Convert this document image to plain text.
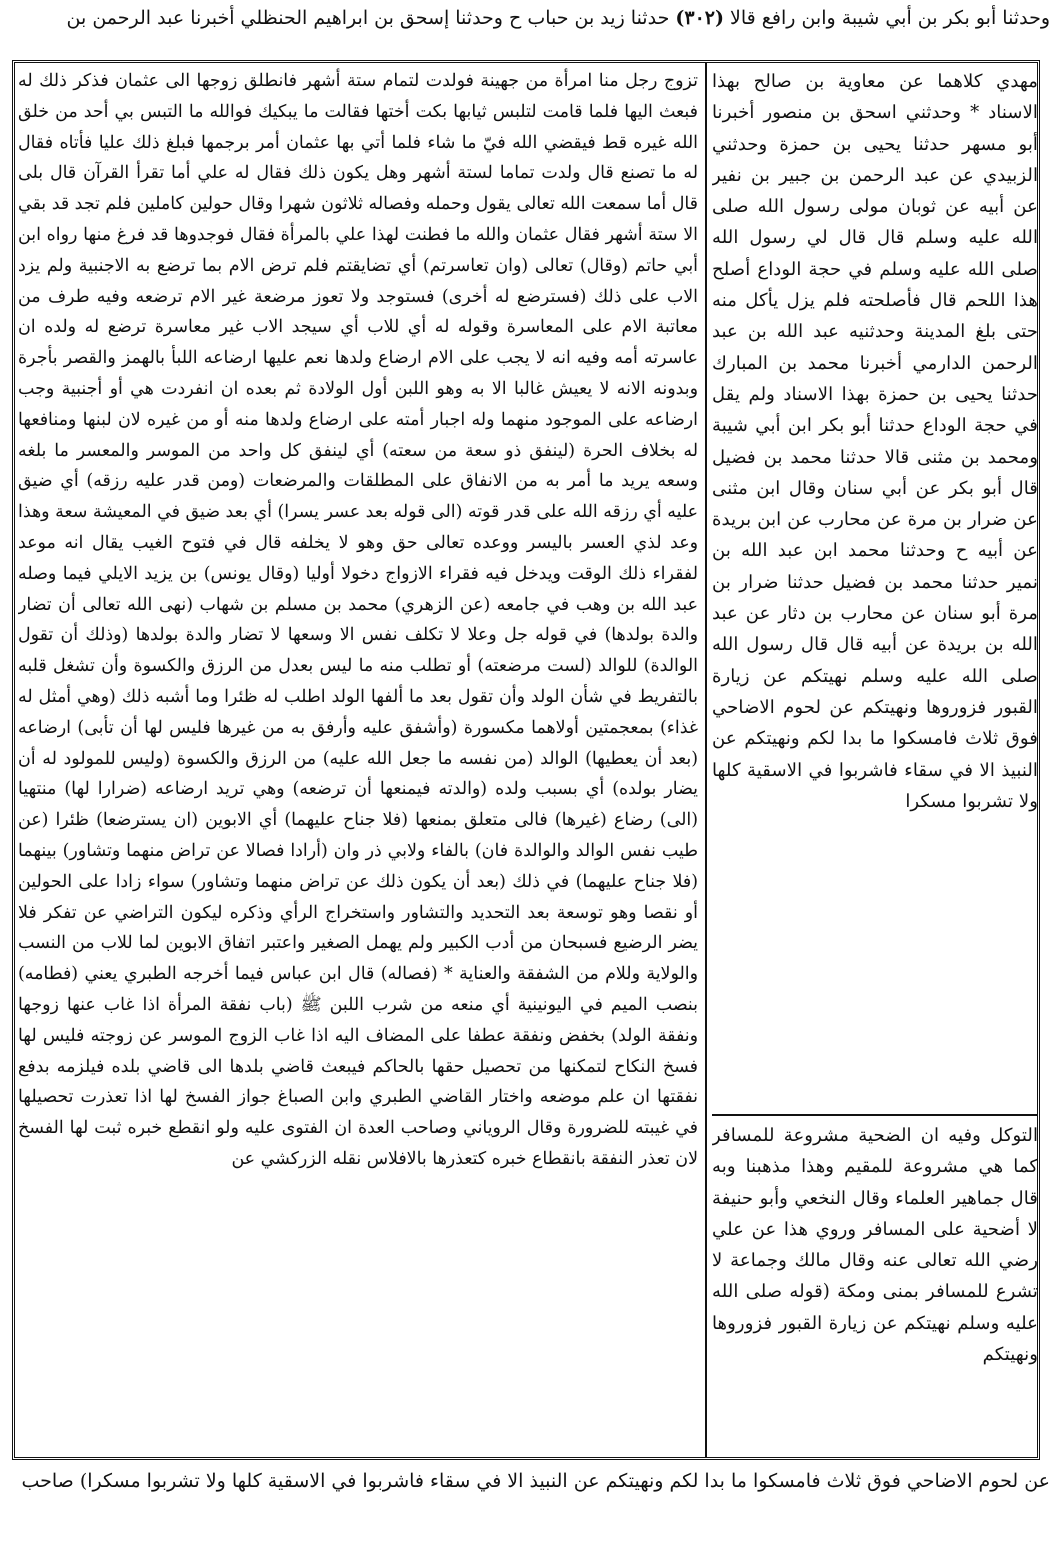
وحدثنا أبو بكر بن أبي شيبة وابن رافع قالا (٣٠٢) حدثنا زيد بن حباب ح وحدثنا إسحق بن ابراهيم الحنظلي أخبرنا عبد الرحمن بن

تزوج رجل منا امرأة من جهينة فولدت لتمام ستة أشهر فانطلق زوجها الى عثمان فذكر ذلك له فبعث اليها فلما قامت لتلبس ثيابها بكت أختها فقالت ما يبكيك فوالله ما التبس بي أحد من خلق الله غيره قط فيقضي الله فيّ ما شاء فلما أتي بها عثمان أمر برجمها فبلغ ذلك عليا فأتاه فقال له ما تصنع قال ولدت تماما لستة أشهر وهل يكون ذلك فقال له علي أما تقرأ القرآن قال بلى قال أما سمعت الله تعالى يقول وحمله وفصاله ثلاثون شهرا وقال حولين كاملين فلم تجد قد بقي الا ستة أشهر فقال عثمان والله ما فطنت لهذا علي بالمرأة فقال فوجدوها قد فرغ منها رواه ابن أبي حاتم (وقال) تعالى (وان تعاسرتم) أي تضايقتم فلم ترض الام بما ترضع به الاجنبية ولم يزد الاب على ذلك (فسترضع له أخرى) فستوجد ولا تعوز مرضعة غير الام ترضعه وفيه طرف من معاتبة الام على المعاسرة وقوله له أي للاب أي سيجد الاب غير معاسرة ترضع له ولده ان عاسرته أمه وفيه انه لا يجب على الام ارضاع ولدها نعم عليها ارضاعه اللبأ بالهمز والقصر بأجرة وبدونه الانه لا يعيش غالبا الا به وهو اللبن أول الولادة ثم بعده ان انفردت هي أو أجنبية وجب ارضاعه على الموجود منهما وله اجبار أمته على ارضاع ولدها منه أو من غيره لان لبنها ومنافعها له بخلاف الحرة (لينفق ذو سعة من سعته) أي لينفق كل واحد من الموسر والمعسر ما بلغه وسعه يريد ما أمر به من الانفاق على المطلقات والمرضعات (ومن قدر عليه رزقه) أي ضيق عليه أي رزقه الله على قدر قوته (الى قوله بعد عسر يسرا) أي بعد ضيق في المعيشة سعة وهذا وعد لذي العسر باليسر ووعده تعالى حق وهو لا يخلفه قال في فتوح الغيب يقال انه موعد لفقراء ذلك الوقت ويدخل فيه فقراء الازواج دخولا أوليا (وقال يونس) بن يزيد الايلي فيما وصله عبد الله بن وهب في جامعه (عن الزهري) محمد بن مسلم بن شهاب (نهى الله تعالى أن تضار والدة بولدها) في قوله جل وعلا لا تكلف نفس الا وسعها لا تضار والدة بولدها (وذلك أن تقول الوالدة) للوالد (لست مرضعته) أو تطلب منه ما ليس بعدل من الرزق والكسوة وأن تشغل قلبه بالتفريط في شأن الولد وأن تقول بعد ما ألفها الولد اطلب له ظئرا وما أشبه ذلك (وهي أمثل له غذاء) بمعجمتين أولاهما مكسورة (وأشفق عليه وأرفق به من غيرها فليس لها أن تأبى) ارضاعه (بعد أن يعطيها) الوالد (من نفسه ما جعل الله عليه) من الرزق والكسوة (وليس للمولود له أن يضار بولده) أي بسبب ولده (والدته فيمنعها أن ترضعه) وهي تريد ارضاعه (ضرارا لها) منتهيا (الى) رضاع (غيرها) فالى متعلق بمنعها (فلا جناح عليهما) أي الابوين (ان يسترضعا) ظئرا (عن طيب نفس الوالد والوالدة فان) بالفاء ولابي ذر وان (أرادا فصالا عن تراض منهما وتشاور) بينهما (فلا جناح عليهما) في ذلك (بعد أن يكون ذلك عن تراض منهما وتشاور) سواء زادا على الحولين أو نقصا وهو توسعة بعد التحديد والتشاور واستخراج الرأي وذكره ليكون التراضي عن تفكر فلا يضر الرضيع فسبحان من أدب الكبير ولم يهمل الصغير واعتبر اتفاق الابوين لما للاب من النسب والولاية وللام من الشفقة والعناية * (فصاله) قال ابن عباس فيما أخرجه الطبري يعني (فطامه) بنصب الميم في اليونينية أي منعه من شرب اللبن ﷺ (باب نفقة المرأة اذا غاب عنها زوجها ونفقة الولد) بخفض ونفقة عطفا على المضاف اليه اذا غاب الزوج الموسر عن زوجته فليس لها فسخ النكاح لتمكنها من تحصيل حقها بالحاكم فيبعث قاضي بلدها الى قاضي بلده فيلزمه بدفع نفقتها ان علم موضعه واختار القاضي الطبري وابن الصباغ جواز الفسخ لها اذا تعذرت تحصيلها في غيبته للضرورة وقال الروياني وصاحب العدة ان الفتوى عليه ولو انقطع خبره ثبت لها الفسخ لان تعذر النفقة بانقطاع خبره كتعذرها بالافلاس نقله الزركشي عن

مهدي كلاهما عن معاوية بن صالح بهذا الاسناد * وحدثني اسحق بن منصور أخبرنا أبو مسهر حدثنا يحيى بن حمزة وحدثني الزبيدي عن عبد الرحمن بن جبير بن نفير عن أبيه عن ثوبان مولى رسول الله صلى الله عليه وسلم قال قال لي رسول الله صلى الله عليه وسلم في حجة الوداع أصلح هذا اللحم قال فأصلحته فلم يزل يأكل منه حتى بلغ المدينة وحدثنيه عبد الله بن عبد الرحمن الدارمي أخبرنا محمد بن المبارك حدثنا يحيى بن حمزة بهذا الاسناد ولم يقل في حجة الوداع حدثنا أبو بكر ابن أبي شيبة ومحمد بن مثنى قالا حدثنا محمد بن فضيل قال أبو بكر عن أبي سنان وقال ابن مثنى عن ضرار بن مرة عن محارب عن ابن بريدة عن أبيه ح وحدثنا محمد ابن عبد الله بن نمير حدثنا محمد بن فضيل حدثنا ضرار بن مرة أبو سنان عن محارب بن دثار عن عبد الله بن بريدة عن أبيه قال قال رسول الله صلى الله عليه وسلم نهيتكم عن زيارة القبور فزوروها ونهيتكم عن لحوم الاضاحي فوق ثلاث فامسكوا ما بدا لكم ونهيتكم عن النبيذ الا في سقاء فاشربوا في الاسقية كلها ولا تشربوا مسكرا

التوكل وفيه ان الضحية مشروعة للمسافر كما هي مشروعة للمقيم وهذا مذهبنا وبه قال جماهير العلماء وقال النخعي وأبو حنيفة لا أضحية على المسافر وروي هذا عن علي رضي الله تعالى عنه وقال مالك وجماعة لا تشرع للمسافر بمنى ومكة (قوله صلى الله عليه وسلم نهيتكم عن زيارة القبور فزوروها ونهيتكم

عن لحوم الاضاحي فوق ثلاث فامسكوا ما بدا لكم ونهيتكم عن النبيذ الا في سقاء فاشربوا في الاسقية كلها ولا تشربوا مسكرا) صاحب
